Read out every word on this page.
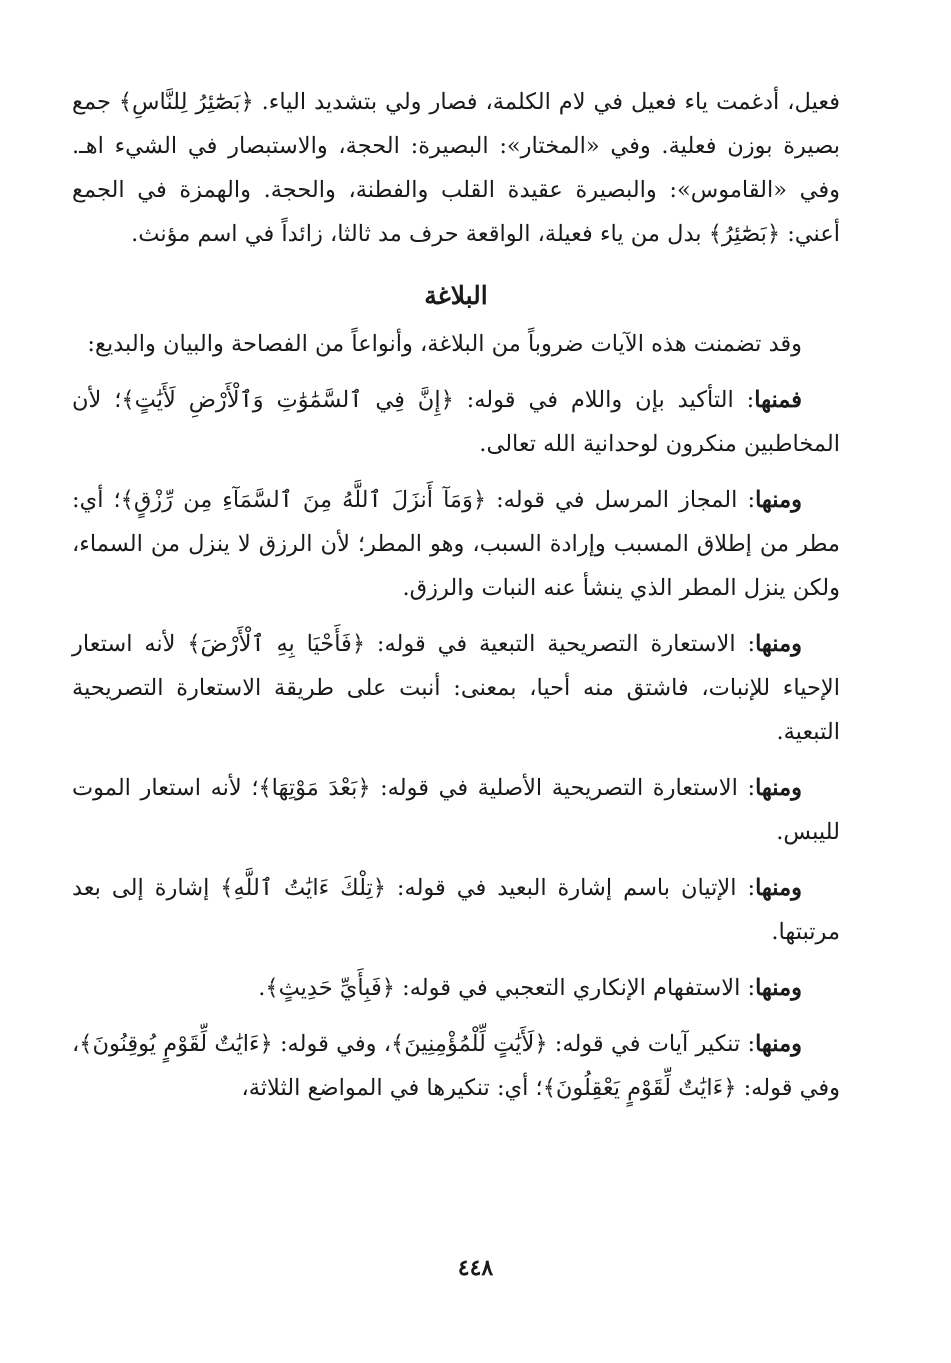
فعيل، أدغمت ياء فعيل في لام الكلمة، فصار ولي بتشديد الياء. ﴿بَصَٰٓئِرُ لِلنَّاسِ﴾ جمع بصيرة بوزن فعلية. وفي «المختار»: البصيرة: الحجة، والاستبصار في الشيء اهـ. وفي «القاموس»: والبصيرة عقيدة القلب والفطنة، والحجة. والهمزة في الجمع أعني: ﴿بَصَٰٓئِرُ﴾ بدل من ياء فعيلة، الواقعة حرف مد ثالثا، زائداً في اسم مؤنث.

البلاغة

وقد تضمنت هذه الآيات ضروباً من البلاغة، وأنواعاً من الفصاحة والبيان والبديع:

فمنها: التأكيد بإن واللام في قوله: ﴿إِنَّ فِي ٱلسَّمَٰوَٰتِ وَٱلْأَرْضِ لَأَيَٰتٍ﴾؛ لأن المخاطبين منكرون لوحدانية الله تعالى.

ومنها: المجاز المرسل في قوله: ﴿وَمَآ أَنزَلَ ٱللَّهُ مِنَ ٱلسَّمَآءِ مِن رِّزْقٍ﴾؛ أي: مطر من إطلاق المسبب وإرادة السبب، وهو المطر؛ لأن الرزق لا ينزل من السماء، ولكن ينزل المطر الذي ينشأ عنه النبات والرزق.

ومنها: الاستعارة التصريحية التبعية في قوله: ﴿فَأَحْيَا بِهِ ٱلْأَرْضَ﴾ لأنه استعار الإحياء للإنبات، فاشتق منه أحيا، بمعنى: أنبت على طريقة الاستعارة التصريحية التبعية.

ومنها: الاستعارة التصريحية الأصلية في قوله: ﴿بَعْدَ مَوْتِهَا﴾؛ لأنه استعار الموت لليبس.

ومنها: الإتيان باسم إشارة البعيد في قوله: ﴿تِلْكَ ءَايَٰتُ ٱللَّهِ﴾ إشارة إلى بعد مرتبتها.

ومنها: الاستفهام الإنكاري التعجبي في قوله: ﴿فَبِأَيِّ حَدِيثٍ﴾.

ومنها: تنكير آيات في قوله: ﴿لَأَيَٰتٍ لِّلْمُؤْمِنِينَ﴾، وفي قوله: ﴿ءَايَٰتٌ لِّقَوْمٍ يُوقِنُونَ﴾، وفي قوله: ﴿ءَايَٰتٌ لِّقَوْمٍ يَعْقِلُونَ﴾؛ أي: تنكيرها في المواضع الثلاثة،

٤٤٨
